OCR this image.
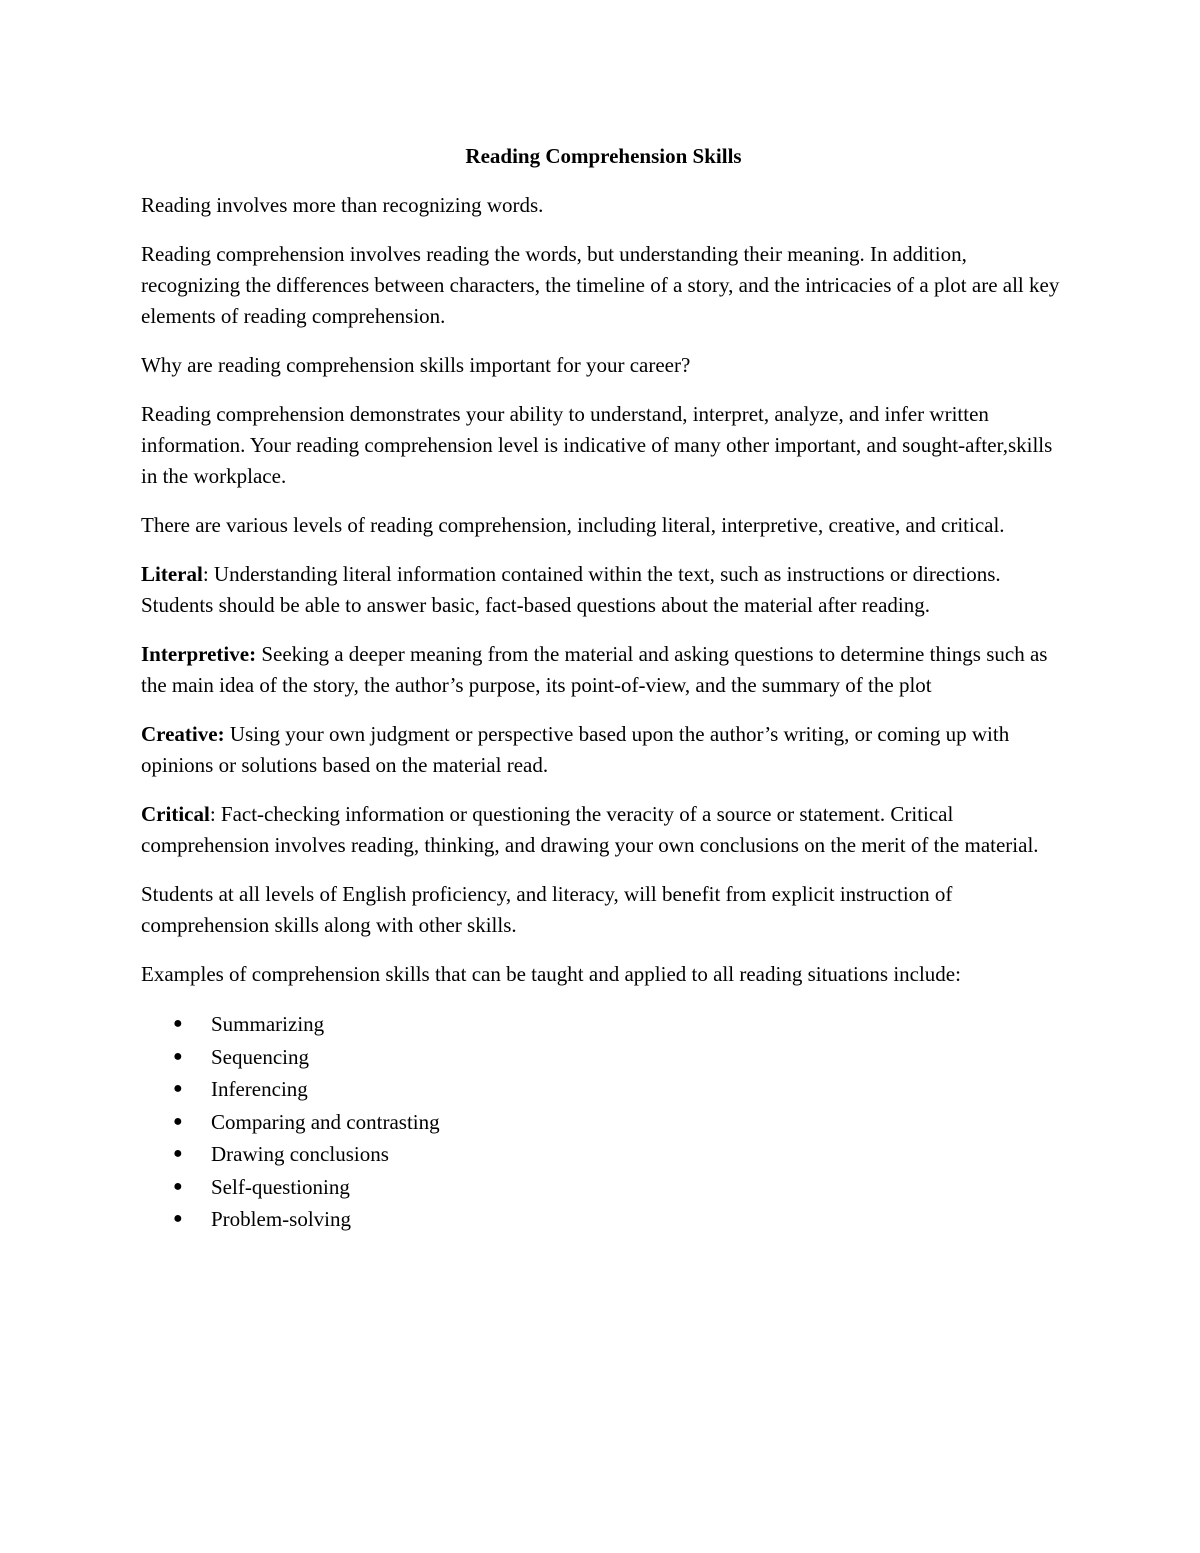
Reading Comprehension Skills

Reading involves more than recognizing words.

Reading comprehension involves reading the words, but understanding their meaning. In addition, recognizing the differences between characters, the timeline of a story, and the intricacies of a plot are all key elements of reading comprehension.

Why are reading comprehension skills important for your career?

Reading comprehension demonstrates your ability to understand, interpret, analyze, and infer written information. Your reading comprehension level is indicative of many other important, and sought-after,skills in the workplace.

There are various levels of reading comprehension, including literal, interpretive, creative, and critical.

Literal: Understanding literal information contained within the text, such as instructions or directions. Students should be able to answer basic, fact-based questions about the material after reading.

Interpretive: Seeking a deeper meaning from the material and asking questions to determine things such as the main idea of the story, the author’s purpose, its point-of-view, and the summary of the plot

Creative: Using your own judgment or perspective based upon the author’s writing, or coming up with opinions or solutions based on the material read.

Critical: Fact-checking information or questioning the veracity of a source or statement. Critical comprehension involves reading, thinking, and drawing your own conclusions on the merit of the material.

Students at all levels of English proficiency, and literacy, will benefit from explicit instruction of comprehension skills along with other skills.

Examples of comprehension skills that can be taught and applied to all reading situations include:

● Summarizing
● Sequencing
● Inferencing
● Comparing and contrasting
● Drawing conclusions
● Self-questioning
● Problem-solving
